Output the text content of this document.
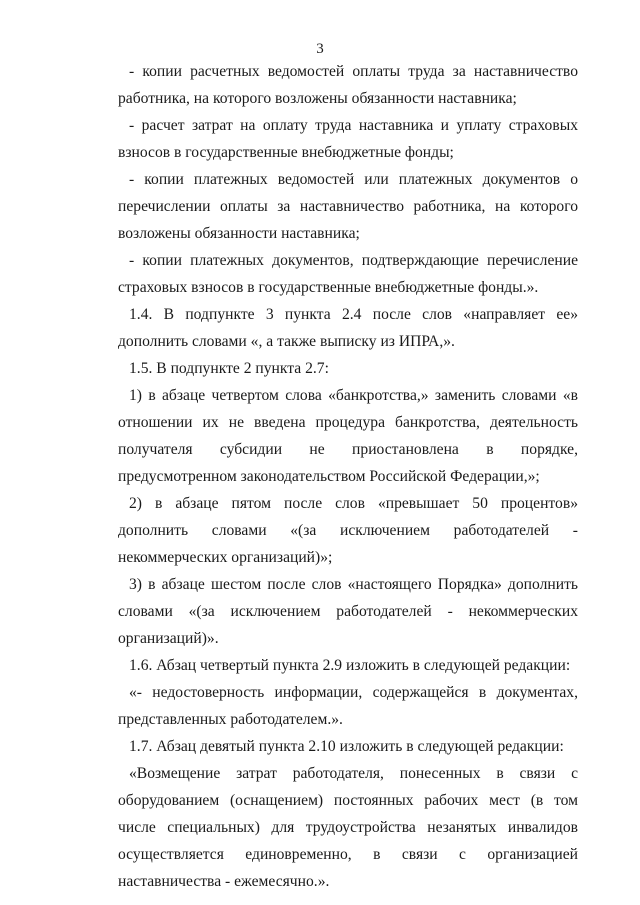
3

- копии расчетных ведомостей оплаты труда за наставничество работника, на которого возложены обязанности наставника;

- расчет затрат на оплату труда наставника и уплату страховых взносов в государственные внебюджетные фонды;

- копии платежных ведомостей или платежных документов о перечислении оплаты за наставничество работника, на которого возложены обязанности наставника;

- копии платежных документов, подтверждающие перечисление страховых взносов в государственные внебюджетные фонды.».

1.4. В подпункте 3 пункта 2.4 после слов «направляет ее» дополнить словами «, а также выписку из ИПРА,».

1.5. В подпункте 2 пункта 2.7:

1) в абзаце четвертом слова «банкротства,» заменить словами «в отношении их не введена процедура банкротства, деятельность получателя субсидии не приостановлена в порядке, предусмотренном законодательством Российской Федерации,»;

2) в абзаце пятом после слов «превышает 50 процентов» дополнить словами «(за исключением работодателей - некоммерческих организаций)»;

3) в абзаце шестом после слов «настоящего Порядка» дополнить словами «(за исключением работодателей - некоммерческих организаций)».

1.6. Абзац четвертый пункта 2.9 изложить в следующей редакции:

«- недостоверность информации, содержащейся в документах, представленных работодателем.».

1.7. Абзац девятый пункта 2.10 изложить в следующей редакции:

«Возмещение затрат работодателя, понесенных в связи с оборудованием (оснащением) постоянных рабочих мест (в том числе специальных) для трудоустройства незанятых инвалидов осуществляется единовременно, в связи с организацией наставничества - ежемесячно.».
